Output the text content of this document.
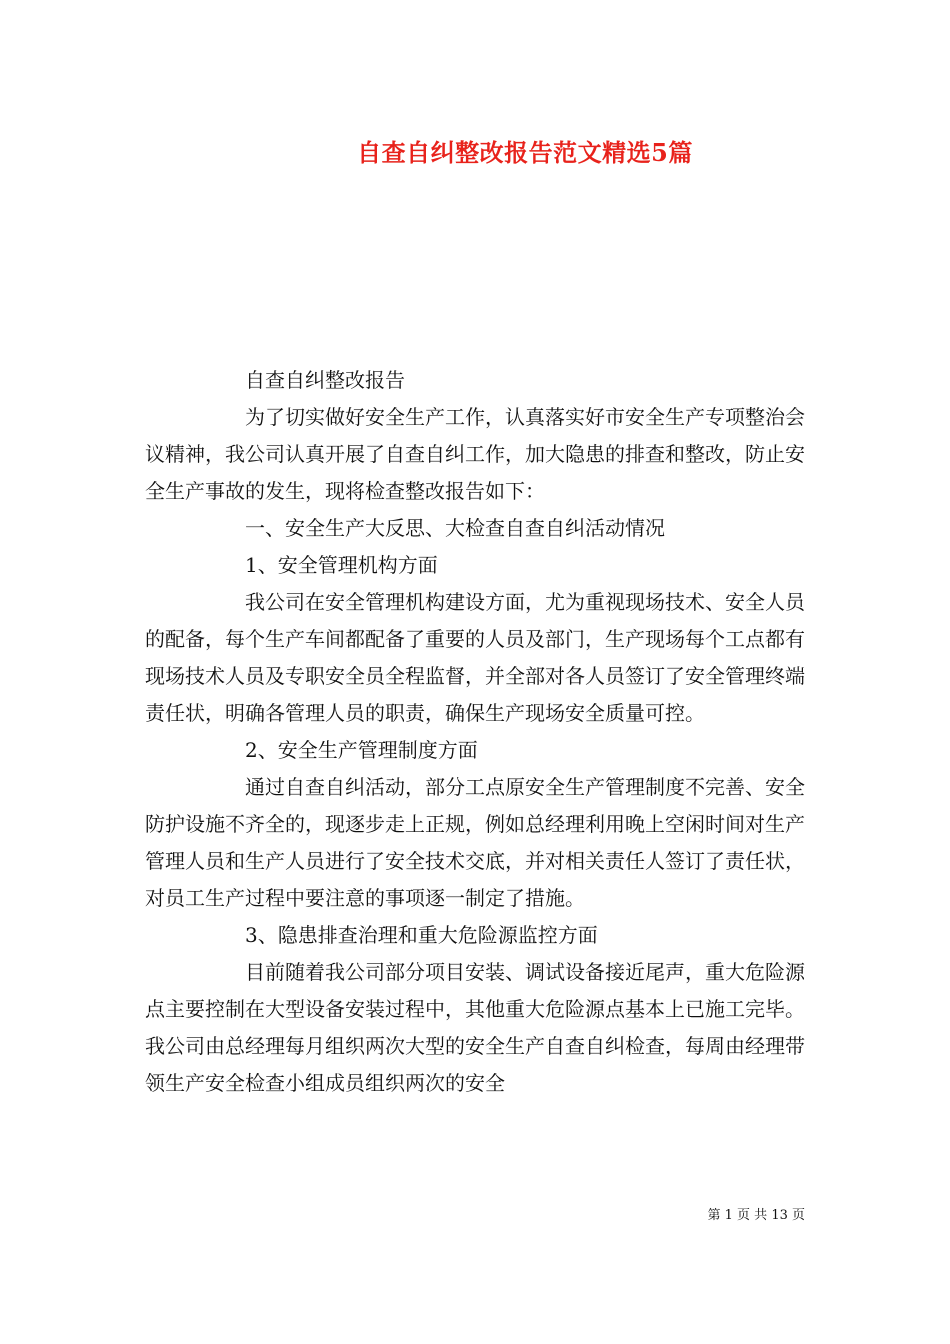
自查自纠整改报告范文精选5篇

自查自纠整改报告

为了切实做好安全生产工作，认真落实好市安全生产专项整治会议精神，我公司认真开展了自查自纠工作，加大隐患的排查和整改，防止安全生产事故的发生，现将检查整改报告如下：

一、安全生产大反思、大检查自查自纠活动情况

1、安全管理机构方面

我公司在安全管理机构建设方面，尤为重视现场技术、安全人员的配备，每个生产车间都配备了重要的人员及部门，生产现场每个工点都有现场技术人员及专职安全员全程监督，并全部对各人员签订了安全管理终端责任状，明确各管理人员的职责，确保生产现场安全质量可控。

2、安全生产管理制度方面

通过自查自纠活动，部分工点原安全生产管理制度不完善、安全防护设施不齐全的，现逐步走上正规，例如总经理利用晚上空闲时间对生产管理人员和生产人员进行了安全技术交底，并对相关责任人签订了责任状，对员工生产过程中要注意的事项逐一制定了措施。

3、隐患排查治理和重大危险源监控方面

目前随着我公司部分项目安装、调试设备接近尾声，重大危险源点主要控制在大型设备安装过程中，其他重大危险源点基本上已施工完毕。我公司由总经理每月组织两次大型的安全生产自查自纠检查，每周由经理带领生产安全检查小组成员组织两次的安全

第 1 页 共 13 页
